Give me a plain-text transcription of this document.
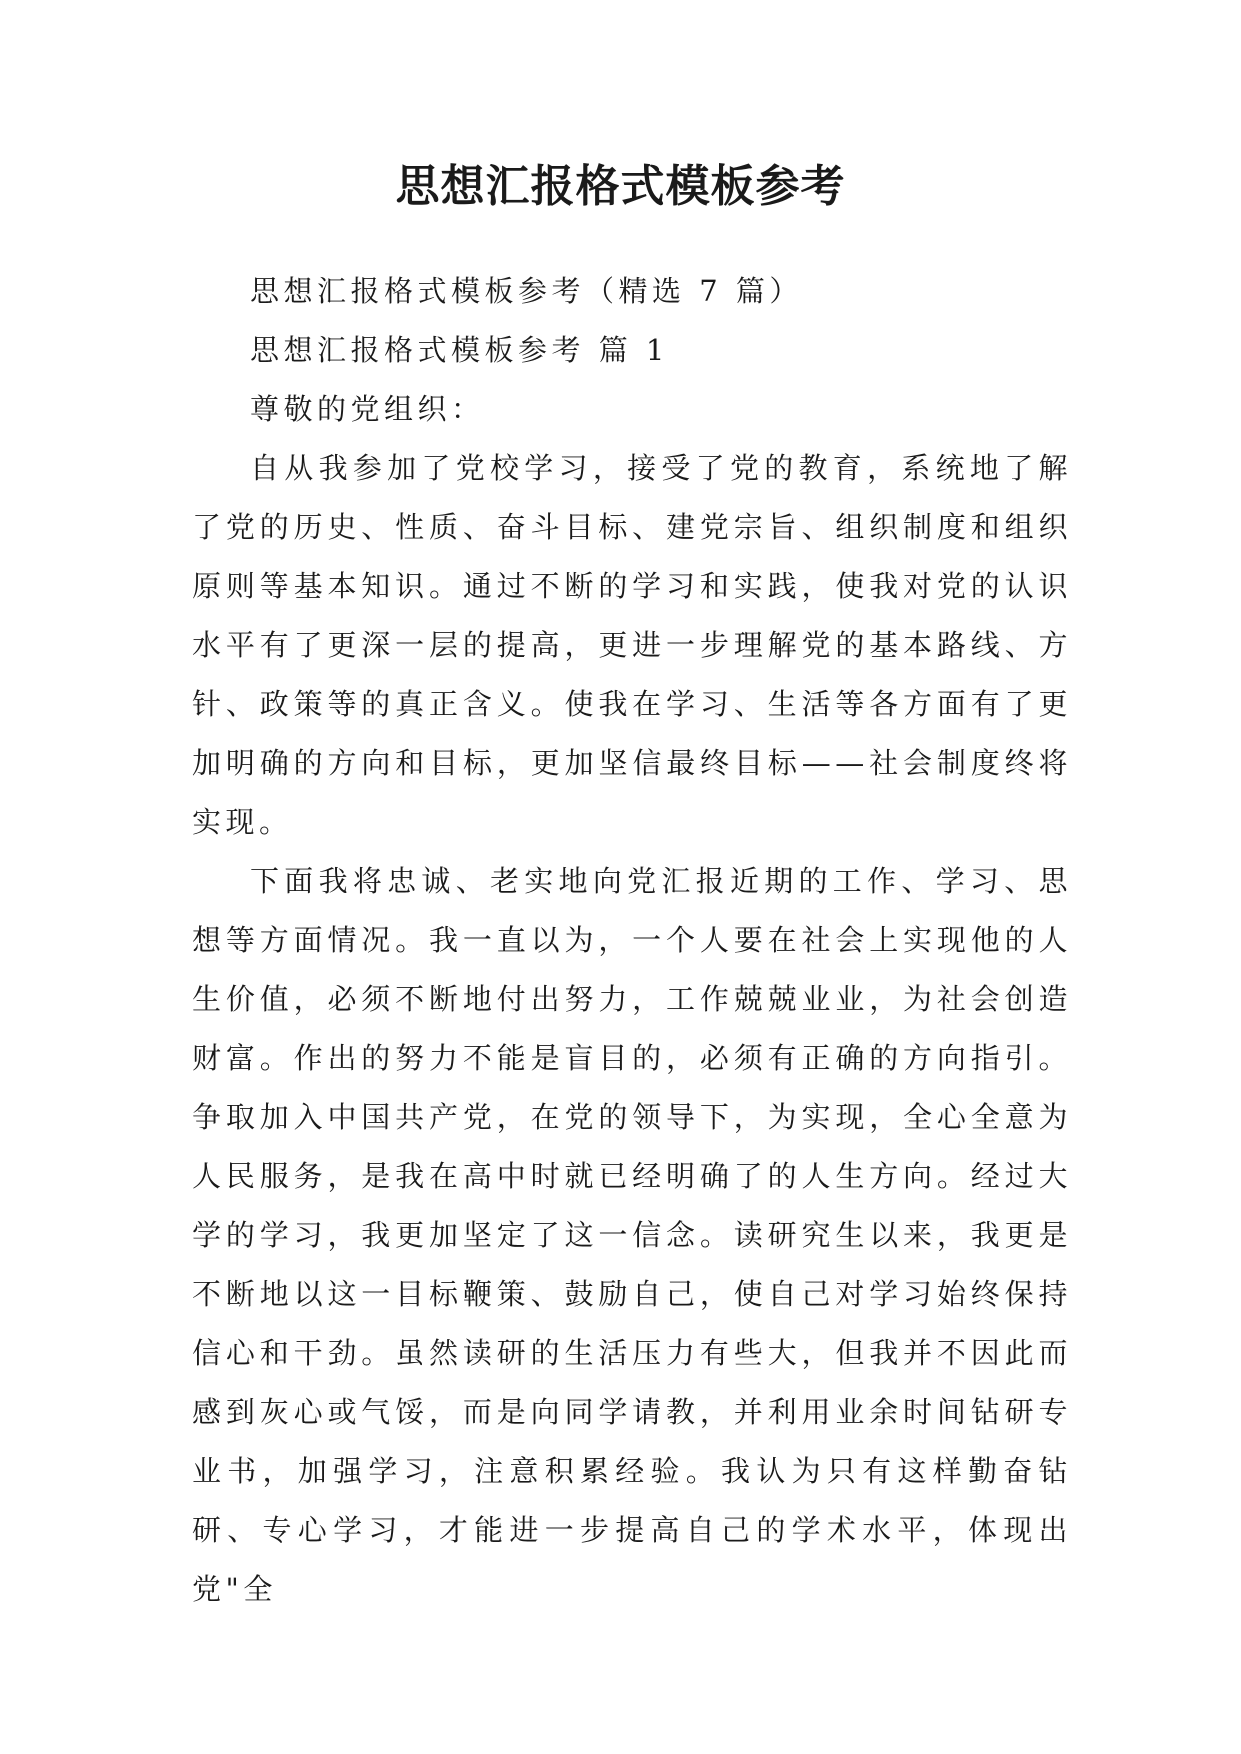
思想汇报格式模板参考

思想汇报格式模板参考（精选 7 篇）

思想汇报格式模板参考 篇 1

尊敬的党组织：

自从我参加了党校学习，接受了党的教育，系统地了解了党的历史、性质、奋斗目标、建党宗旨、组织制度和组织原则等基本知识。通过不断的学习和实践，使我对党的认识水平有了更深一层的提高，更进一步理解党的基本路线、方针、政策等的真正含义。使我在学习、生活等各方面有了更加明确的方向和目标，更加坚信最终目标——社会制度终将实现。

下面我将忠诚、老实地向党汇报近期的工作、学习、思想等方面情况。我一直以为，一个人要在社会上实现他的人生价值，必须不断地付出努力，工作兢兢业业，为社会创造财富。作出的努力不能是盲目的，必须有正确的方向指引。争取加入中国共产党，在党的领导下，为实现，全心全意为人民服务，是我在高中时就已经明确了的人生方向。经过大学的学习，我更加坚定了这一信念。读研究生以来，我更是不断地以这一目标鞭策、鼓励自己，使自己对学习始终保持信心和干劲。虽然读研的生活压力有些大，但我并不因此而感到灰心或气馁，而是向同学请教，并利用业余时间钻研专业书，加强学习，注意积累经验。我认为只有这样勤奋钻研、专心学习，才能进一步提高自己的学术水平，体现出党"全
